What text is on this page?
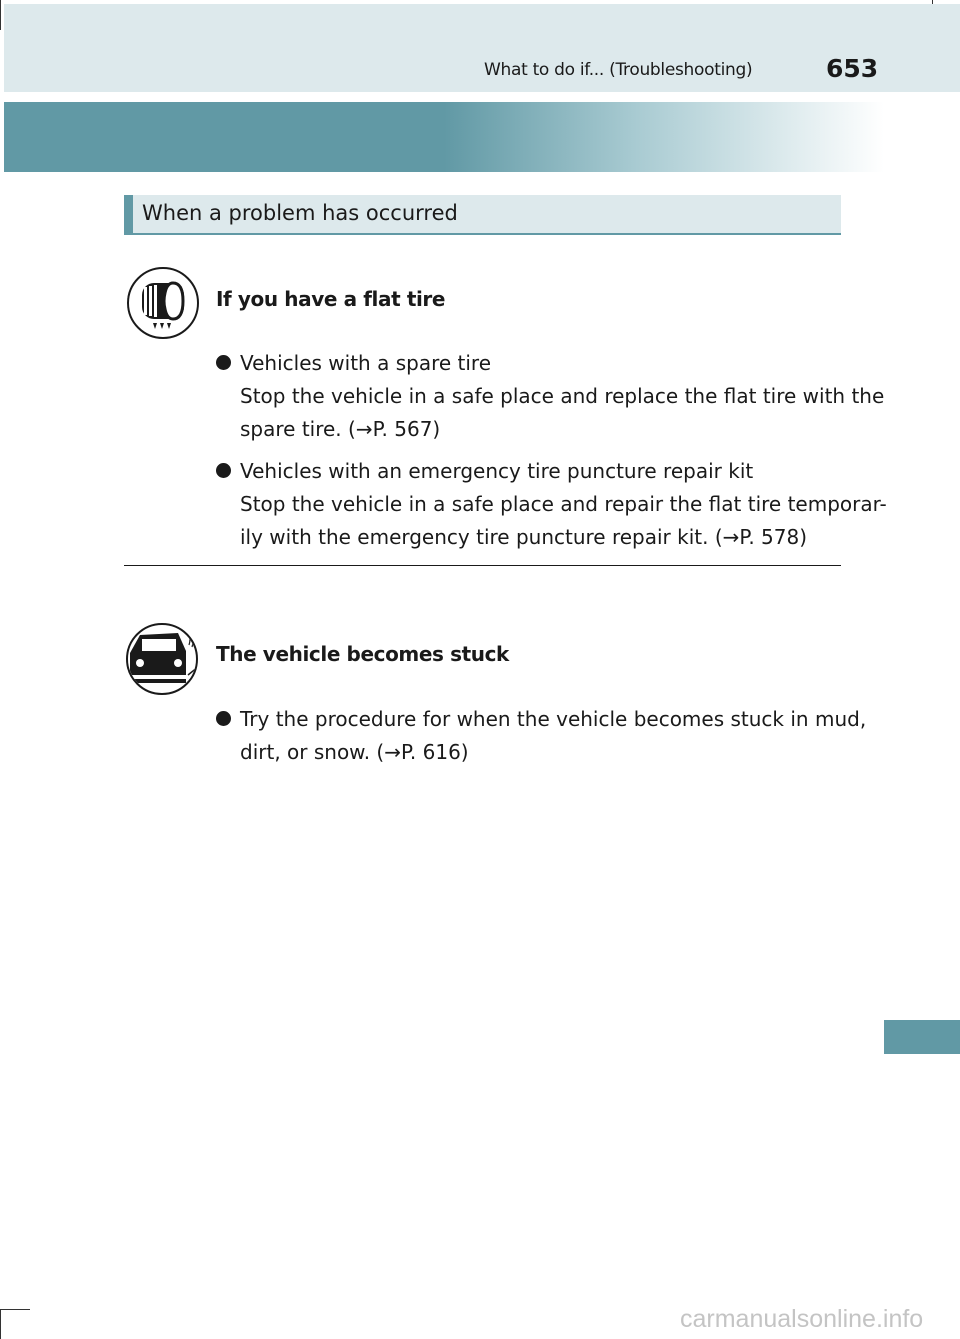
What to do if... (Troubleshooting)	653
When a problem has occurred
If you have a flat tire
Vehicles with a spare tire
Stop the vehicle in a safe place and replace the flat tire with the
spare tire. (→P. 567)
Vehicles with an emergency tire puncture repair kit
Stop the vehicle in a safe place and repair the flat tire temporar-
ily with the emergency tire puncture repair kit. (→P. 578)
The vehicle becomes stuck
Try the procedure for when the vehicle becomes stuck in mud,
dirt, or snow. (→P. 616)
carmanualsonline.info
